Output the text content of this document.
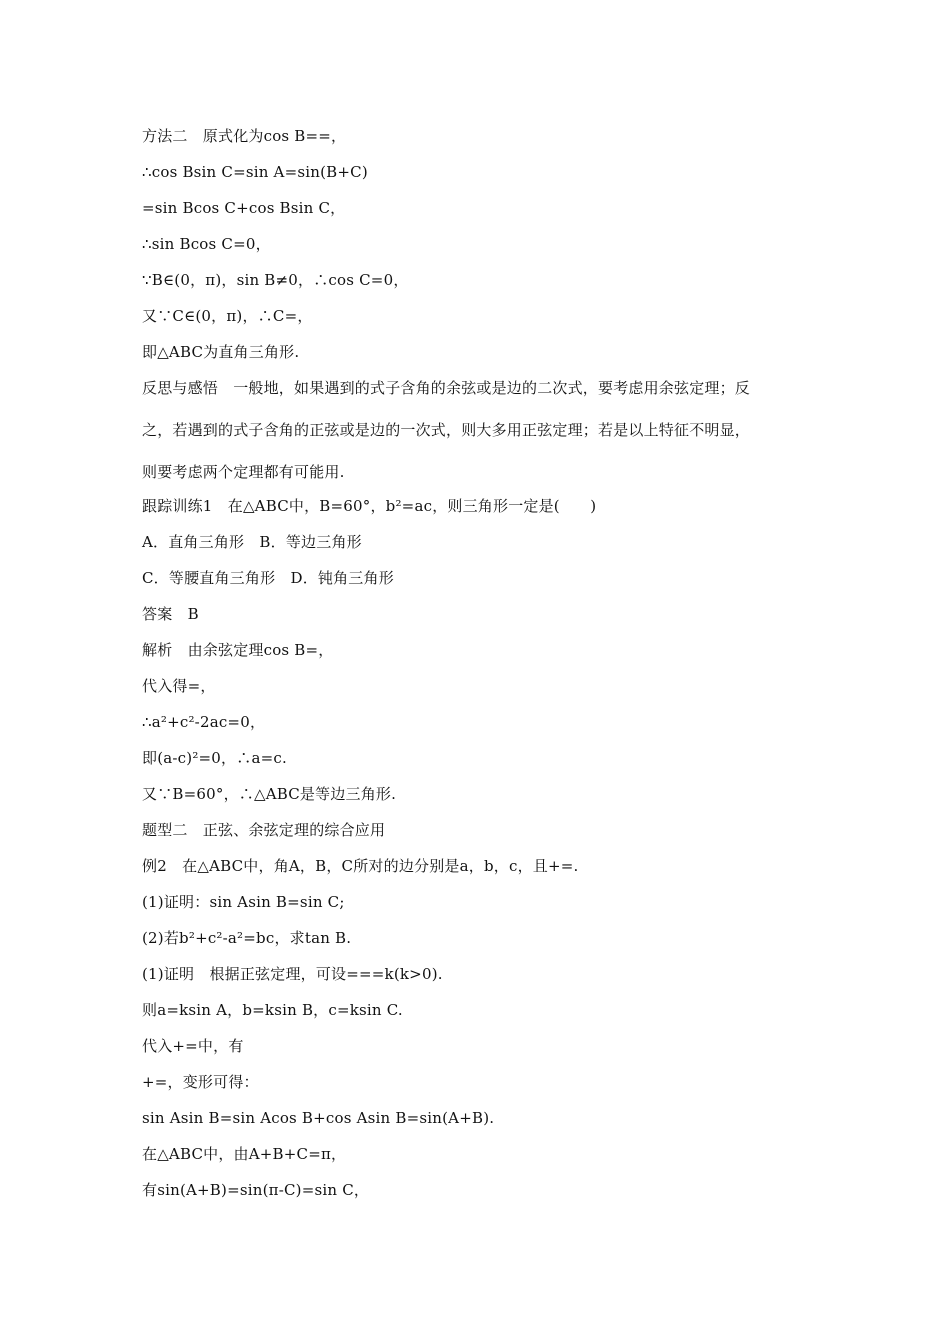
方法二　原式化为cos B==，
∴cos Bsin C=sin A=sin(B+C)
=sin Bcos C+cos Bsin C，
∴sin Bcos C=0，
∵B∈(0，π)，sin B≠0，∴cos C=0，
又∵C∈(0，π)，∴C=，
即△ABC为直角三角形.
反思与感悟　一般地，如果遇到的式子含角的余弦或是边的二次式，要考虑用余弦定理；反
之，若遇到的式子含角的正弦或是边的一次式，则大多用正弦定理；若是以上特征不明显，
则要考虑两个定理都有可能用.
跟踪训练1　在△ABC中，B=60°，b²=ac，则三角形一定是(　　)
A．直角三角形　B．等边三角形
C．等腰直角三角形　D．钝角三角形
答案　B
解析　由余弦定理cos B=，
代入得=，
∴a²+c²-2ac=0，
即(a-c)²=0，∴a=c.
又∵B=60°，∴△ABC是等边三角形.
题型二　正弦、余弦定理的综合应用
例2　在△ABC中，角A，B，C所对的边分别是a，b，c，且+=.
(1)证明：sin Asin B=sin C;
(2)若b²+c²-a²=bc，求tan B.
(1)证明　根据正弦定理，可设===k(k>0).
则a=ksin A，b=ksin B，c=ksin C.
代入+=中，有
+=，变形可得：
sin Asin B=sin Acos B+cos Asin B=sin(A+B).
在△ABC中，由A+B+C=π，
有sin(A+B)=sin(π-C)=sin C，
